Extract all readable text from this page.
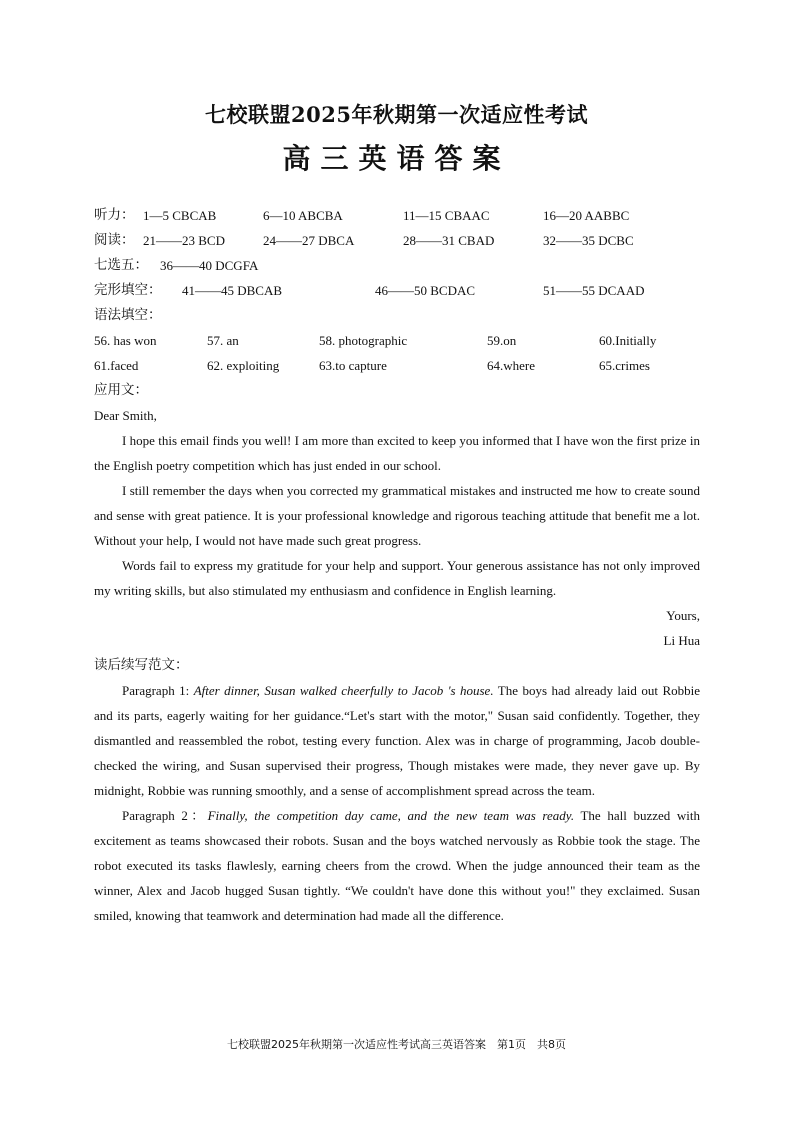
七校联盟2025年秋期第一次适应性考试
高三英语答案
听力： 1—5 CBCAB	6—10 ABCBA	11—15 CBAAC	16—20 AABBC
阅读： 21——23 BCD	24——27 DBCA	28——31 CBAD	32——35 DCBC
七选五： 36——40 DCGFA
完形填空： 41——45 DBCAB	46——50 BCDAC	51——55 DCAAD
语法填空：
56. has won	57. an	58. photographic	59.on	60.Initially
61.faced	62. exploiting	63.to capture	64.where	65.crimes
应用文：
Dear Smith,

I hope this email finds you well! I am more than excited to keep you informed that I have won the first prize in the English poetry competition which has just ended in our school.

I still remember the days when you corrected my grammatical mistakes and instructed me how to create sound and sense with great patience. It is your professional knowledge and rigorous teaching attitude that benefit me a lot. Without your help, I would not have made such great progress.

Words fail to express my gratitude for your help and support. Your generous assistance has not only improved my writing skills, but also stimulated my enthusiasm and confidence in English learning.

Yours,
Li Hua
读后续写范文：

Paragraph 1: After dinner, Susan walked cheerfully to Jacob 's house. The boys had already laid out Robbie and its parts, eagerly waiting for her guidance.“Let's start with the motor," Susan said confidently. Together, they dismantled and reassembled the robot, testing every function. Alex was in charge of programming, Jacob double-checked the wiring, and Susan supervised their progress, Though mistakes were made, they never gave up. By midnight, Robbie was running smoothly, and a sense of accomplishment spread across the team.

Paragraph 2：Finally, the competition day came, and the new team was ready. The hall buzzed with excitement as teams showcased their robots. Susan and the boys watched nervously as Robbie took the stage. The robot executed its tasks flawlesly, earning cheers from the crowd. When the judge announced their team as the winner, Alex and Jacob hugged Susan tightly. “We couldn't have done this without you!" they exclaimed. Susan smiled, knowing that teamwork and determination had made all the difference.

七校联盟2025年秋期第一次适应性考试高三英语答案　第1页　共8页
